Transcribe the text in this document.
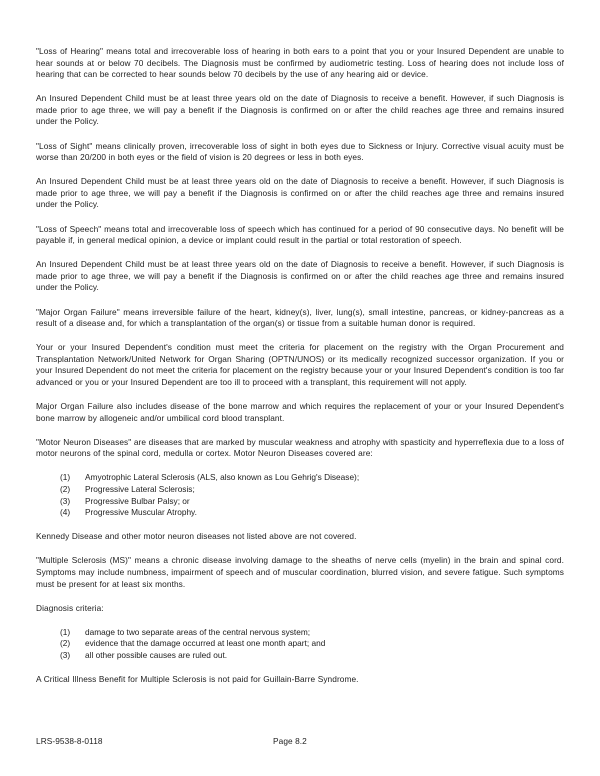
"Loss of Hearing" means total and irrecoverable loss of hearing in both ears to a point that you or your Insured Dependent are unable to hear sounds at or below 70 decibels. The Diagnosis must be confirmed by audiometric testing. Loss of hearing does not include loss of hearing that can be corrected to hear sounds below 70 decibels by the use of any hearing aid or device.

An Insured Dependent Child must be at least three years old on the date of Diagnosis to receive a benefit. However, if such Diagnosis is made prior to age three, we will pay a benefit if the Diagnosis is confirmed on or after the child reaches age three and remains insured under the Policy.

"Loss of Sight" means clinically proven, irrecoverable loss of sight in both eyes due to Sickness or Injury. Corrective visual acuity must be worse than 20/200 in both eyes or the field of vision is 20 degrees or less in both eyes.

An Insured Dependent Child must be at least three years old on the date of Diagnosis to receive a benefit. However, if such Diagnosis is made prior to age three, we will pay a benefit if the Diagnosis is confirmed on or after the child reaches age three and remains insured under the Policy.

"Loss of Speech" means total and irrecoverable loss of speech which has continued for a period of 90 consecutive days. No benefit will be payable if, in general medical opinion, a device or implant could result in the partial or total restoration of speech.

An Insured Dependent Child must be at least three years old on the date of Diagnosis to receive a benefit. However, if such Diagnosis is made prior to age three, we will pay a benefit if the Diagnosis is confirmed on or after the child reaches age three and remains insured under the Policy.

"Major Organ Failure" means irreversible failure of the heart, kidney(s), liver, lung(s), small intestine, pancreas, or kidney-pancreas as a result of a disease and, for which a transplantation of the organ(s) or tissue from a suitable human donor is required.

Your or your Insured Dependent's condition must meet the criteria for placement on the registry with the Organ Procurement and Transplantation Network/United Network for Organ Sharing (OPTN/UNOS) or its medically recognized successor organization. If you or your Insured Dependent do not meet the criteria for placement on the registry because your or your Insured Dependent's condition is too far advanced or you or your Insured Dependent are too ill to proceed with a transplant, this requirement will not apply.

Major Organ Failure also includes disease of the bone marrow and which requires the replacement of your or your Insured Dependent's bone marrow by allogeneic and/or umbilical cord blood transplant.

"Motor Neuron Diseases" are diseases that are marked by muscular weakness and atrophy with spasticity and hyperreflexia due to a loss of motor neurons of the spinal cord, medulla or cortex. Motor Neuron Diseases covered are:

(1)	Amyotrophic Lateral Sclerosis (ALS, also known as Lou Gehrig's Disease);
(2)	Progressive Lateral Sclerosis;
(3)	Progressive Bulbar Palsy; or
(4)	Progressive Muscular Atrophy.

Kennedy Disease and other motor neuron diseases not listed above are not covered.

"Multiple Sclerosis (MS)" means a chronic disease involving damage to the sheaths of nerve cells (myelin) in the brain and spinal cord. Symptoms may include numbness, impairment of speech and of muscular coordination, blurred vision, and severe fatigue. Such symptoms must be present for at least six months.

Diagnosis criteria:

(1)	damage to two separate areas of the central nervous system;
(2)	evidence that the damage occurred at least one month apart; and
(3)	all other possible causes are ruled out.

A Critical Illness Benefit for Multiple Sclerosis is not paid for Guillain-Barre Syndrome.

LRS-9538-8-0118	Page 8.2
